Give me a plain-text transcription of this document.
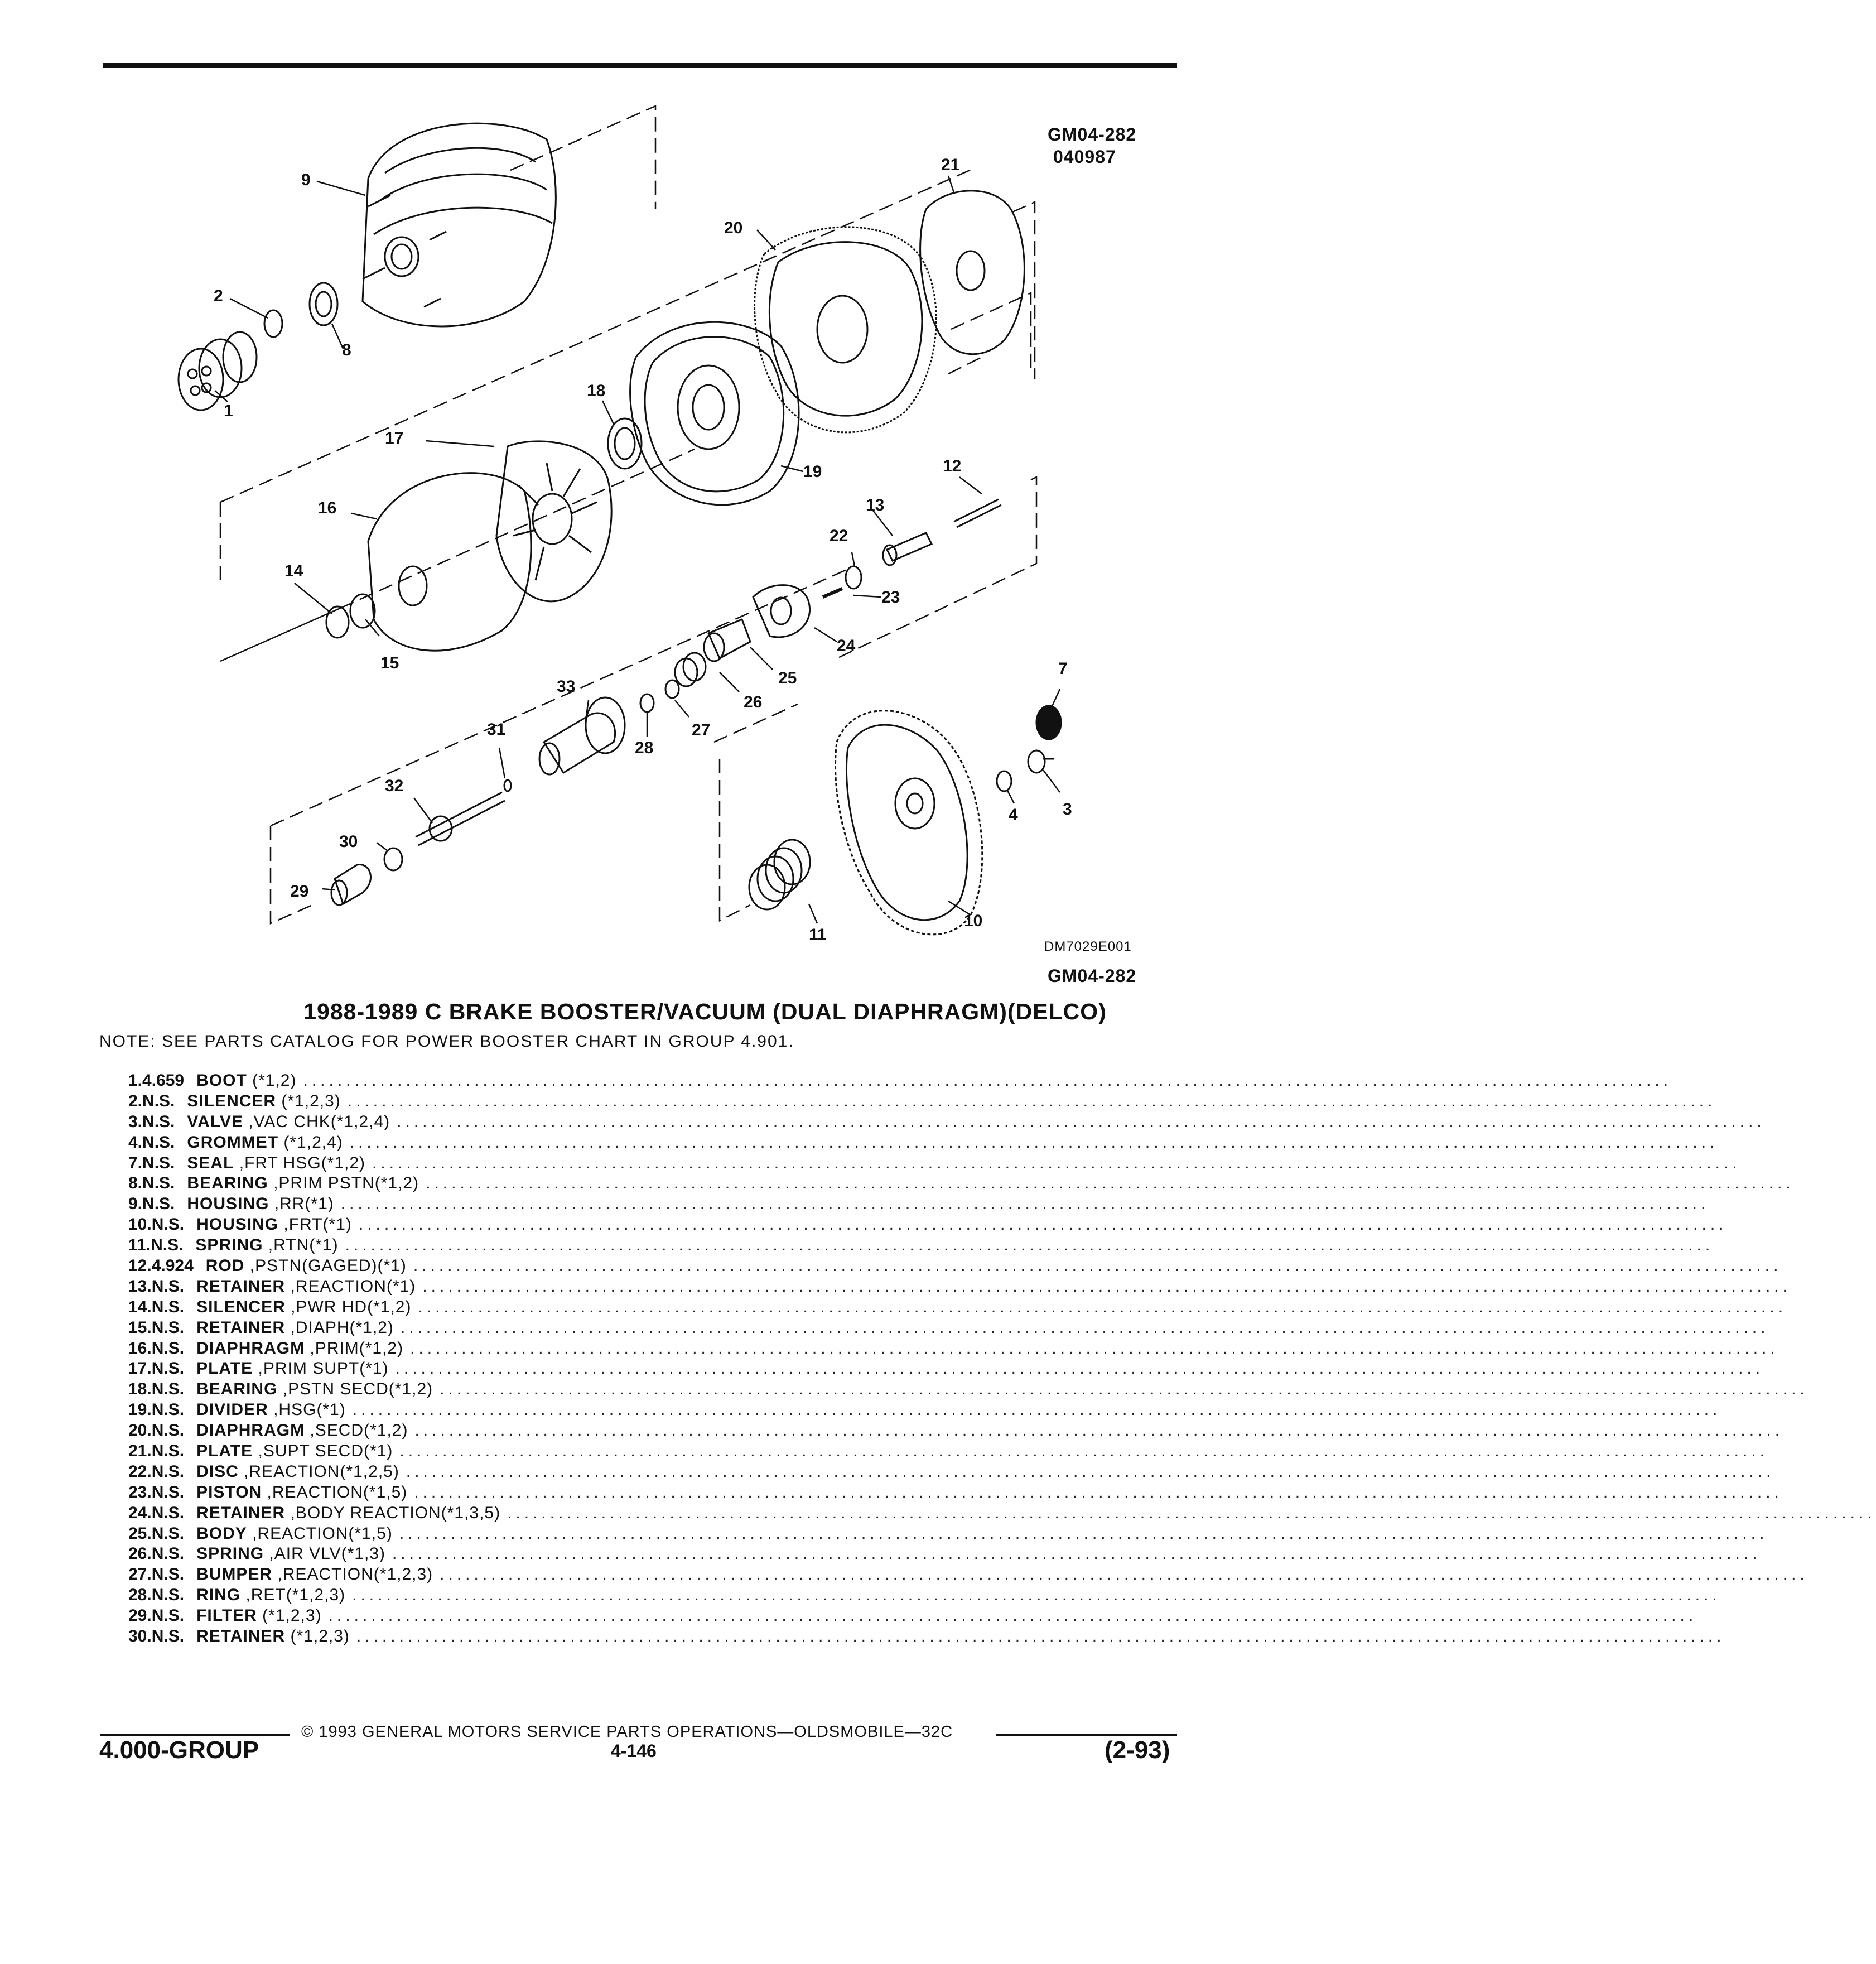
GM04-282
040987
1
2
3
4
7
8
9
10
11
12
13
14
15
16
17
18
19
20
21
22
23
24
25
26
27
28
29
30
31
32
33
DM7029E001
GM04-282
1988-1989 C BRAKE BOOSTER/VACUUM (DUAL DIAPHRAGM)(DELCO)
NOTE: SEE PARTS CATALOG FOR POWER BOOSTER CHART IN GROUP 4.901.
1. 4.659 BOOT (*1,2) ................................................................................................................................................................
2. N.S. SILENCER (*1,2,3) ................................................................................................................................................................
3. N.S. VALVE ,VAC CHK(*1,2,4) ................................................................................................................................................................
4. N.S. GROMMET (*1,2,4) ................................................................................................................................................................
7. N.S. SEAL ,FRT HSG(*1,2) ................................................................................................................................................................
8. N.S. BEARING ,PRIM PSTN(*1,2) ................................................................................................................................................................
9. N.S. HOUSING ,RR(*1) ................................................................................................................................................................
10. N.S. HOUSING ,FRT(*1) ................................................................................................................................................................
11. N.S. SPRING ,RTN(*1) ................................................................................................................................................................
12. 4.924 ROD ,PSTN(GAGED)(*1) ................................................................................................................................................................
13. N.S. RETAINER ,REACTION(*1) ................................................................................................................................................................
14. N.S. SILENCER ,PWR HD(*1,2) ................................................................................................................................................................
15. N.S. RETAINER ,DIAPH(*1,2) ................................................................................................................................................................
16. N.S. DIAPHRAGM ,PRIM(*1,2) ................................................................................................................................................................
17. N.S. PLATE ,PRIM SUPT(*1) ................................................................................................................................................................
18. N.S. BEARING ,PSTN SECD(*1,2) ................................................................................................................................................................
19. N.S. DIVIDER ,HSG(*1) ................................................................................................................................................................
20. N.S. DIAPHRAGM ,SECD(*1,2) ................................................................................................................................................................
21. N.S. PLATE ,SUPT SECD(*1) ................................................................................................................................................................
22. N.S. DISC ,REACTION(*1,2,5) ................................................................................................................................................................
23. N.S. PISTON ,REACTION(*1,5) ................................................................................................................................................................
24. N.S. RETAINER ,BODY REACTION(*1,3,5) ................................................................................................................................................................
25. N.S. BODY ,REACTION(*1,5) ................................................................................................................................................................
26. N.S. SPRING ,AIR VLV(*1,3) ................................................................................................................................................................
27. N.S. BUMPER ,REACTION(*1,2,3) ................................................................................................................................................................
28. N.S. RING ,RET(*1,2,3) ................................................................................................................................................................
29. N.S. FILTER (*1,2,3) ................................................................................................................................................................
30. N.S. RETAINER (*1,2,3) ................................................................................................................................................................
© 1993 GENERAL MOTORS SERVICE PARTS OPERATIONS—OLDSMOBILE—32C
4.000-GROUP	4-146	(2-93)
